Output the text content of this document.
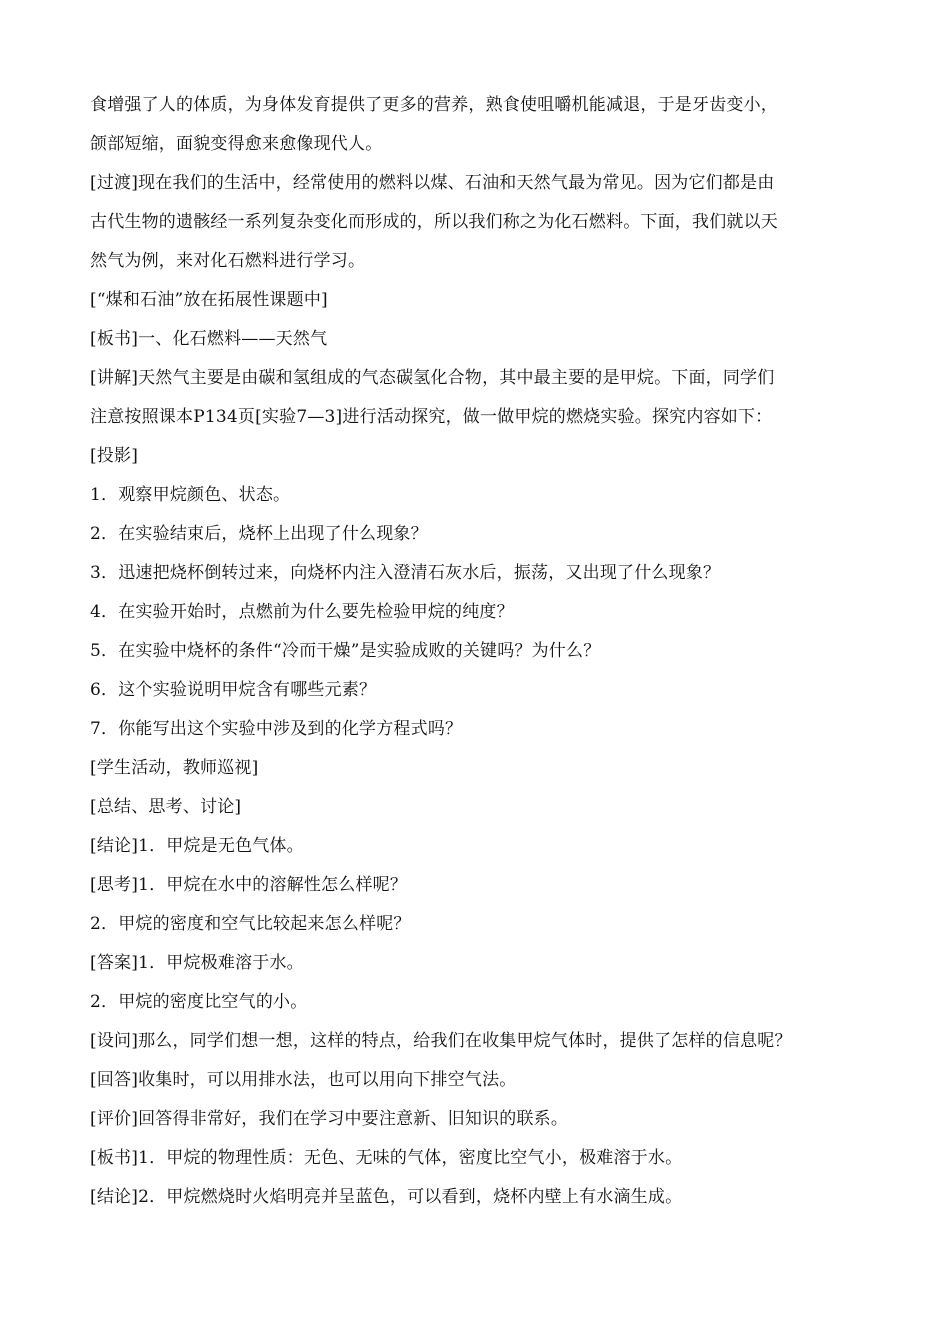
食增强了人的体质，为身体发育提供了更多的营养，熟食使咀嚼机能减退，于是牙齿变小，
颌部短缩，面貌变得愈来愈像现代人。
[过渡]现在我们的生活中，经常使用的燃料以煤、石油和天然气最为常见。因为它们都是由
古代生物的遗骸经一系列复杂变化而形成的，所以我们称之为化石燃料。下面，我们就以天
然气为例，来对化石燃料进行学习。
[“煤和石油”放在拓展性课题中]
[板书]一、化石燃料——天然气
[讲解]天然气主要是由碳和氢组成的气态碳氢化合物，其中最主要的是甲烷。下面，同学们
注意按照课本P134页[实验7—3]进行活动探究，做一做甲烷的燃烧实验。探究内容如下：
[投影]
1．观察甲烷颜色、状态。
2．在实验结束后，烧杯上出现了什么现象？
3．迅速把烧杯倒转过来，向烧杯内注入澄清石灰水后，振荡，又出现了什么现象？
4．在实验开始时，点燃前为什么要先检验甲烷的纯度？
5．在实验中烧杯的条件“冷而干燥”是实验成败的关键吗？为什么？
6．这个实验说明甲烷含有哪些元素？
7．你能写出这个实验中涉及到的化学方程式吗？
[学生活动，教师巡视]
[总结、思考、讨论]
[结论]1．甲烷是无色气体。
[思考]1．甲烷在水中的溶解性怎么样呢？
2．甲烷的密度和空气比较起来怎么样呢？
[答案]1．甲烷极难溶于水。
2．甲烷的密度比空气的小。
[设问]那么，同学们想一想，这样的特点，给我们在收集甲烷气体时，提供了怎样的信息呢？
[回答]收集时，可以用排水法，也可以用向下排空气法。
[评价]回答得非常好，我们在学习中要注意新、旧知识的联系。
[板书]1．甲烷的物理性质：无色、无味的气体，密度比空气小，极难溶于水。
[结论]2．甲烷燃烧时火焰明亮并呈蓝色，可以看到，烧杯内壁上有水滴生成。
